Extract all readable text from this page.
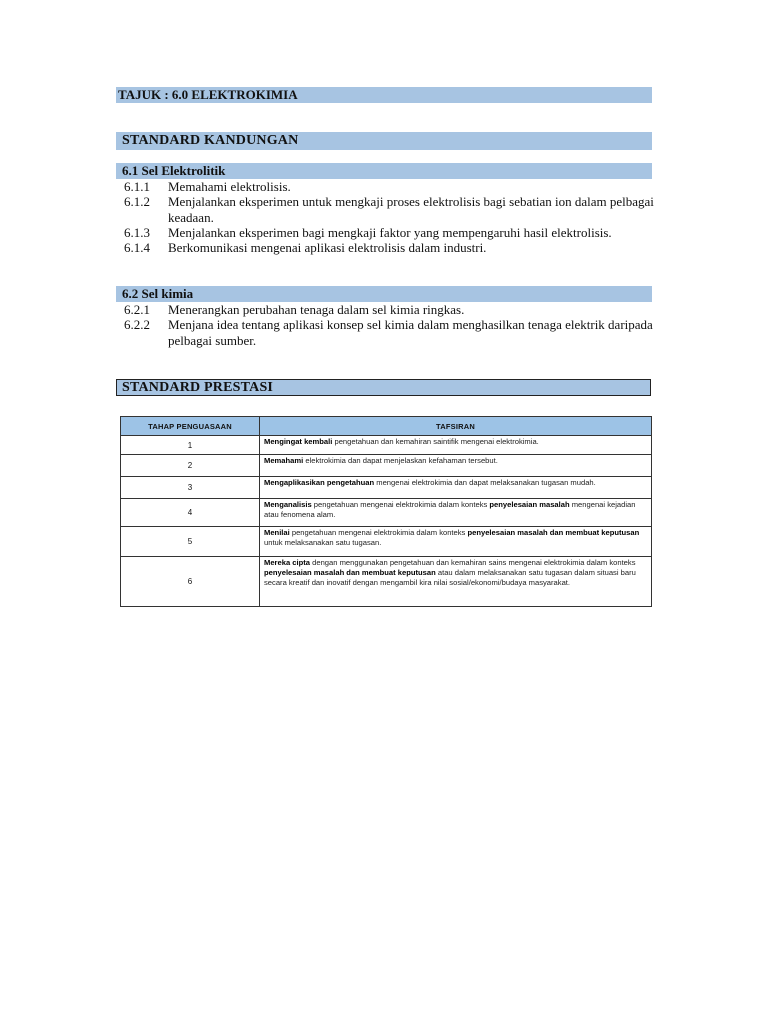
TAJUK : 6.0 ELEKTROKIMIA
STANDARD KANDUNGAN
6.1 Sel Elektrolitik
6.1.1 Memahami elektrolisis.
6.1.2 Menjalankan eksperimen untuk mengkaji proses elektrolisis bagi sebatian ion dalam pelbagai keadaan.
6.1.3 Menjalankan eksperimen bagi mengkaji faktor yang mempengaruhi hasil elektrolisis.
6.1.4 Berkomunikasi mengenai aplikasi elektrolisis dalam industri.
6.2 Sel kimia
6.2.1 Menerangkan perubahan tenaga dalam sel kimia ringkas.
6.2.2 Menjana idea tentang aplikasi konsep sel kimia dalam menghasilkan tenaga elektrik daripada pelbagai sumber.
STANDARD PRESTASI
TAHAP PENGUASAAN	TAFSIRAN
1	Mengingat kembali pengetahuan dan kemahiran saintifik mengenai elektrokimia.
2	Memahami elektrokimia dan dapat menjelaskan kefahaman tersebut.
3	Mengaplikasikan pengetahuan mengenai elektrokimia dan dapat melaksanakan tugasan mudah.
4	Menganalisis pengetahuan mengenai elektrokimia dalam konteks penyelesaian masalah mengenai kejadian atau fenomena alam.
5	Menilai pengetahuan mengenai elektrokimia dalam konteks penyelesaian masalah dan membuat keputusan untuk melaksanakan satu tugasan.
6	Mereka cipta dengan menggunakan pengetahuan dan kemahiran sains mengenai elektrokimia dalam konteks penyelesaian masalah dan membuat keputusan atau dalam melaksanakan satu tugasan dalam situasi baru secara kreatif dan inovatif dengan mengambil kira nilai sosial/ekonomi/budaya masyarakat.
